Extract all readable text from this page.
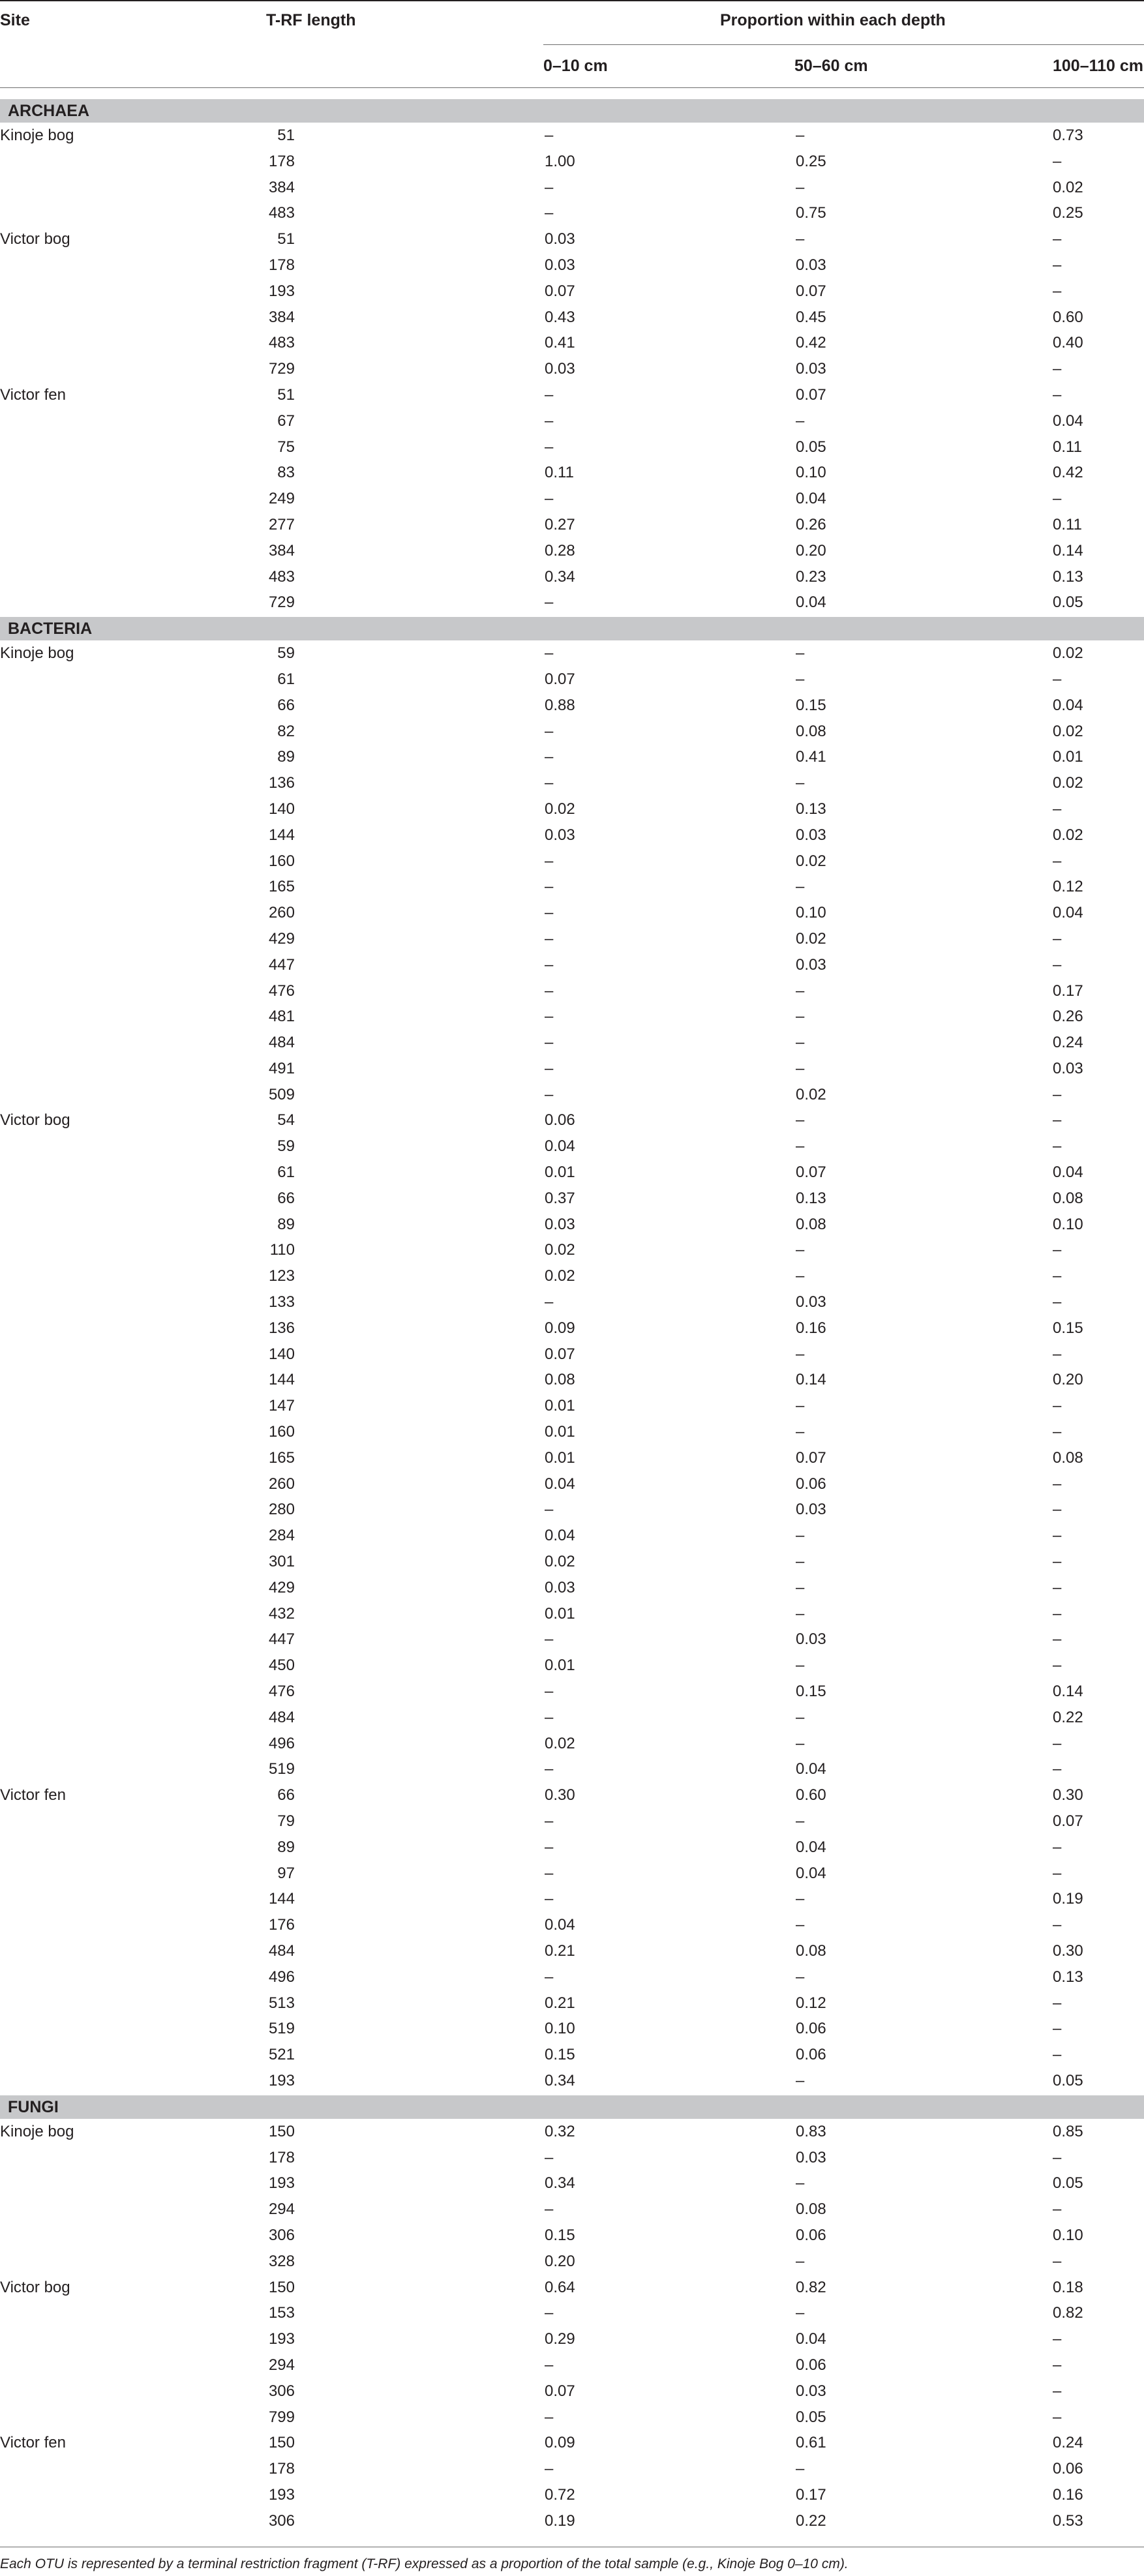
Site	T-RF length	Proportion within each depth
0–10 cm	50–60 cm	100–110 cm
ARCHAEA
Kinoje bog	51	–	–	0.73
178	1.00	0.25	–
384	–	–	0.02
483	–	0.75	0.25
Victor bog	51	0.03	–	–
178	0.03	0.03	–
193	0.07	0.07	–
384	0.43	0.45	0.60
483	0.41	0.42	0.40
729	0.03	0.03	–
Victor fen	51	–	0.07	–
67	–	–	0.04
75	–	0.05	0.11
83	0.11	0.10	0.42
249	–	0.04	–
277	0.27	0.26	0.11
384	0.28	0.20	0.14
483	0.34	0.23	0.13
729	–	0.04	0.05
BACTERIA
Kinoje bog	59	–	–	0.02
61	0.07	–	–
66	0.88	0.15	0.04
82	–	0.08	0.02
89	–	0.41	0.01
136	–	–	0.02
140	0.02	0.13	–
144	0.03	0.03	0.02
160	–	0.02	–
165	–	–	0.12
260	–	0.10	0.04
429	–	0.02	–
447	–	0.03	–
476	–	–	0.17
481	–	–	0.26
484	–	–	0.24
491	–	–	0.03
509	–	0.02	–
Victor bog	54	0.06	–	–
59	0.04	–	–
61	0.01	0.07	0.04
66	0.37	0.13	0.08
89	0.03	0.08	0.10
110	0.02	–	–
123	0.02	–	–
133	–	0.03	–
136	0.09	0.16	0.15
140	0.07	–	–
144	0.08	0.14	0.20
147	0.01	–	–
160	0.01	–	–
165	0.01	0.07	0.08
260	0.04	0.06	–
280	–	0.03	–
284	0.04	–	–
301	0.02	–	–
429	0.03	–	–
432	0.01	–	–
447	–	0.03	–
450	0.01	–	–
476	–	0.15	0.14
484	–	–	0.22
496	0.02	–	–
519	–	0.04	–
Victor fen	66	0.30	0.60	0.30
79	–	–	0.07
89	–	0.04	–
97	–	0.04	–
144	–	–	0.19
176	0.04	–	–
484	0.21	0.08	0.30
496	–	–	0.13
513	0.21	0.12	–
519	0.10	0.06	–
521	0.15	0.06	–
193	0.34	–	0.05
FUNGI
Kinoje bog	150	0.32	0.83	0.85
178	–	0.03	–
193	0.34	–	0.05
294	–	0.08	–
306	0.15	0.06	0.10
328	0.20	–	–
Victor bog	150	0.64	0.82	0.18
153	–	–	0.82
193	0.29	0.04	–
294	–	0.06	–
306	0.07	0.03	–
799	–	0.05	–
Victor fen	150	0.09	0.61	0.24
178	–	–	0.06
193	0.72	0.17	0.16
306	0.19	0.22	0.53
Each OTU is represented by a terminal restriction fragment (T-RF) expressed as a proportion of the total sample (e.g., Kinoje Bog 0–10 cm).
